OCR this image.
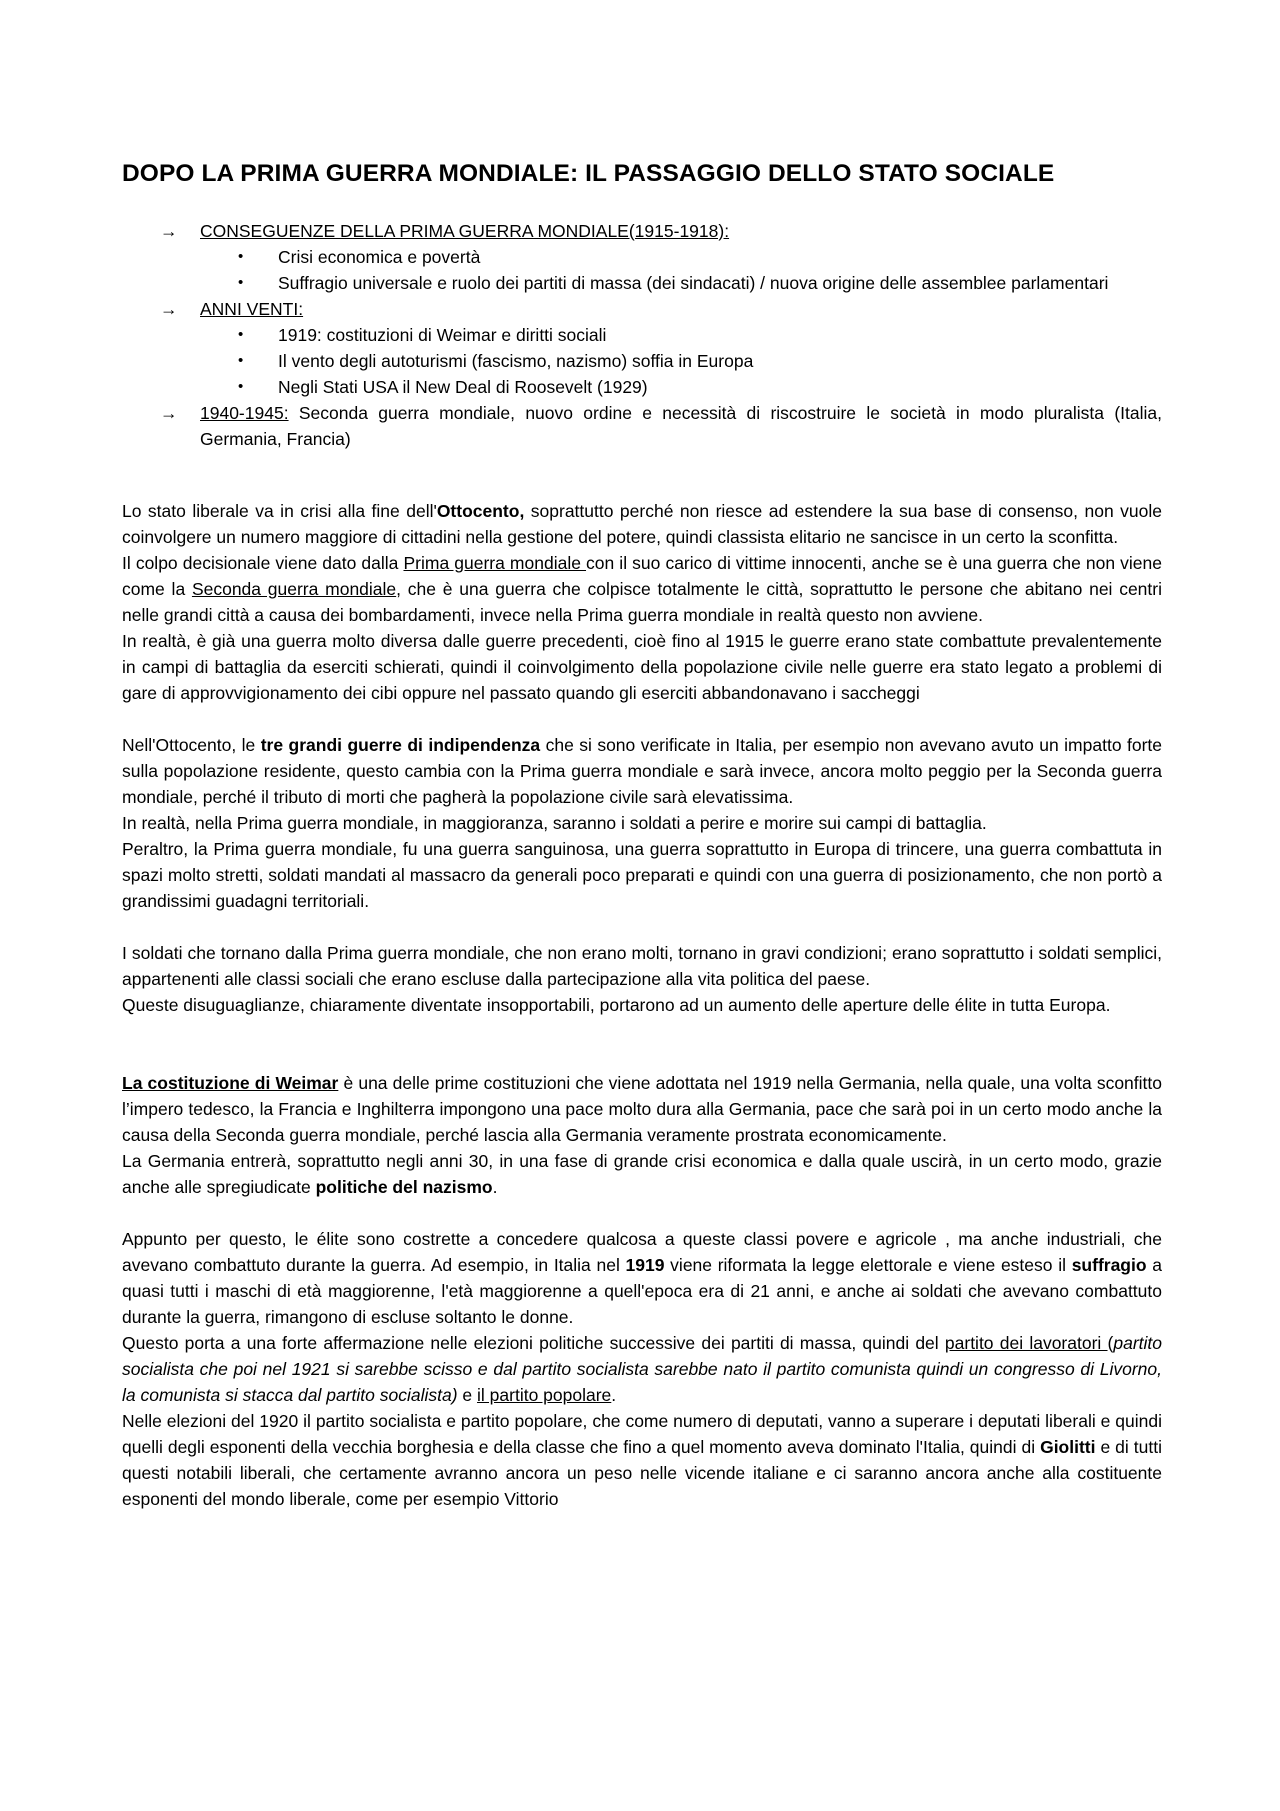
DOPO LA PRIMA GUERRA MONDIALE: IL PASSAGGIO DELLO STATO SOCIALE
→ CONSEGUENZE DELLA PRIMA GUERRA MONDIALE(1915-1918):
• Crisi economica e povertà
• Suffragio universale e ruolo dei partiti di massa (dei sindacati) / nuova origine delle assemblee parlamentari
→ ANNI VENTI:
• 1919: costituzioni di Weimar e diritti sociali
• Il vento degli autoturismi (fascismo, nazismo) soffia in Europa
• Negli Stati USA il New Deal di Roosevelt (1929)
→ 1940-1945: Seconda guerra mondiale, nuovo ordine e necessità di riscostruire le società in modo pluralista (Italia, Germania, Francia)

Lo stato liberale va in crisi alla fine dell'Ottocento, soprattutto perché non riesce ad estendere la sua base di consenso, non vuole coinvolgere un numero maggiore di cittadini nella gestione del potere, quindi classista elitario ne sancisce in un certo la sconfitta.

Il colpo decisionale viene dato dalla Prima guerra mondiale con il suo carico di vittime innocenti, anche se è una guerra che non viene come la Seconda guerra mondiale, che è una guerra che colpisce totalmente le città, soprattutto le persone che abitano nei centri nelle grandi città a causa dei bombardamenti, invece nella Prima guerra mondiale in realtà questo non avviene.

In realtà, è già una guerra molto diversa dalle guerre precedenti, cioè fino al 1915 le guerre erano state combattute prevalentemente in campi di battaglia da eserciti schierati, quindi il coinvolgimento della popolazione civile nelle guerre era stato legato a problemi di gare di approvvigionamento dei cibi oppure nel passato quando gli eserciti abbandonavano i saccheggi

Nell'Ottocento, le tre grandi guerre di indipendenza che si sono verificate in Italia, per esempio non avevano avuto un impatto forte sulla popolazione residente, questo cambia con la Prima guerra mondiale e sarà invece, ancora molto peggio per la Seconda guerra mondiale, perché il tributo di morti che pagherà la popolazione civile sarà elevatissima.

In realtà, nella Prima guerra mondiale, in maggioranza, saranno i soldati a perire e morire sui campi di battaglia.

Peraltro, la Prima guerra mondiale, fu una guerra sanguinosa, una guerra soprattutto in Europa di trincere, una guerra combattuta in spazi molto stretti, soldati mandati al massacro da generali poco preparati e quindi con una guerra di posizionamento, che non portò a grandissimi guadagni territoriali.

I soldati che tornano dalla Prima guerra mondiale, che non erano molti, tornano in gravi condizioni; erano soprattutto i soldati semplici, appartenenti alle classi sociali che erano escluse dalla partecipazione alla vita politica del paese.

Queste disuguaglianze, chiaramente diventate insopportabili, portarono ad un aumento delle aperture delle élite in tutta Europa.

La costituzione di Weimar è una delle prime costituzioni che viene adottata nel 1919 nella Germania, nella quale, una volta sconfitto l’impero tedesco, la Francia e Inghilterra impongono una pace molto dura alla Germania, pace che sarà poi in un certo modo anche la causa della Seconda guerra mondiale, perché lascia alla Germania veramente prostrata economicamente.

La Germania entrerà, soprattutto negli anni 30, in una fase di grande crisi economica e dalla quale uscirà, in un certo modo, grazie anche alle spregiudicate politiche del nazismo.

Appunto per questo, le élite sono costrette a concedere qualcosa a queste classi povere e agricole , ma anche industriali, che avevano combattuto durante la guerra. Ad esempio, in Italia nel 1919 viene riformata la legge elettorale e viene esteso il suffragio a quasi tutti i maschi di età maggiorenne, l'età maggiorenne a quell'epoca era di 21 anni, e anche ai soldati che avevano combattuto durante la guerra, rimangono di escluse soltanto le donne.

Questo porta a una forte affermazione nelle elezioni politiche successive dei partiti di massa, quindi del partito dei lavoratori (partito socialista che poi nel 1921 si sarebbe scisso e dal partito socialista sarebbe nato il partito comunista quindi un congresso di Livorno, la comunista si stacca dal partito socialista) e il partito popolare.

Nelle elezioni del 1920 il partito socialista e partito popolare, che come numero di deputati, vanno a superare i deputati liberali e quindi quelli degli esponenti della vecchia borghesia e della classe che fino a quel momento aveva dominato l'Italia, quindi di Giolitti e di tutti questi notabili liberali, che certamente avranno ancora un peso nelle vicende italiane e ci saranno ancora anche alla costituente esponenti del mondo liberale, come per esempio Vittorio
